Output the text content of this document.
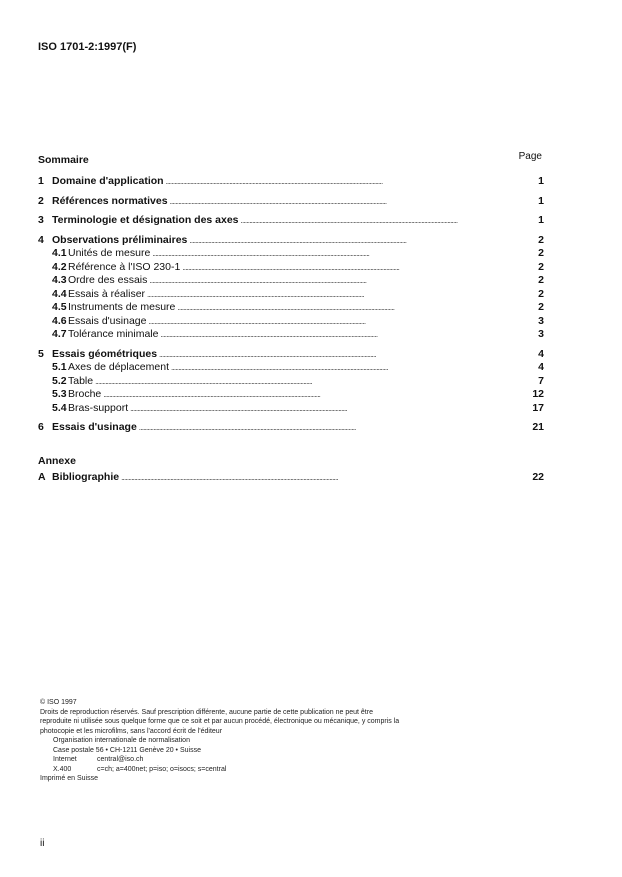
ISO 1701-2:1997(F)
Sommaire	Page
1 Domaine d'application . . .	1
2 Références normatives . . .	1
3 Terminologie et désignation des axes . . .	1
4 Observations préliminaires . . .	2
4.1 Unités de mesure . . .	2
4.2 Référence à l'ISO 230-1 . . .	2
4.3 Ordre des essais . . .	2
4.4 Essais à réaliser . . .	2
4.5 Instruments de mesure . . .	2
4.6 Essais d'usinage . . .	3
4.7 Tolérance minimale . . .	3
5 Essais géométriques . . .	4
5.1 Axes de déplacement . . .	4
5.2 Table . . .	7
5.3 Broche . . .	12
5.4 Bras-support . . .	17
6 Essais d'usinage . . .	21
Annexe
A Bibliographie . . .	22
© ISO 1997
Droits de reproduction réservés. Sauf prescription différente, aucune partie de cette publication ne peut être reproduite ni utilisée sous quelque forme que ce soit et par aucun procédé, électronique ou mécanique, y compris la photocopie et les microfilms, sans l'accord écrit de l'éditeur
Organisation internationale de normalisation
Case postale 56 • CH-1211 Genève 20 • Suisse
Internet	central@iso.ch
X.400	c=ch; a=400net; p=iso; o=isocs; s=central
Imprimé en Suisse
ii
